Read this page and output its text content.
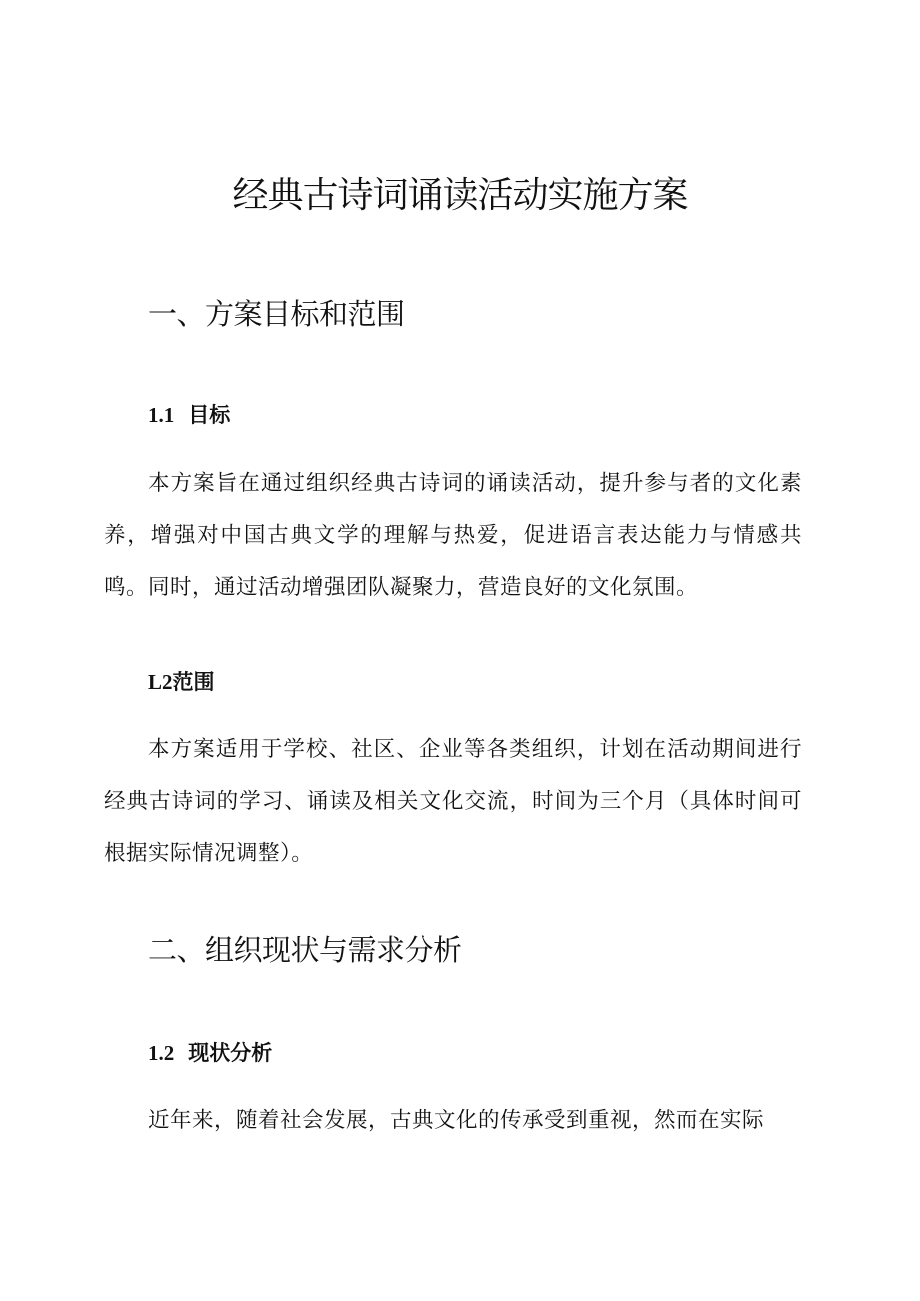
经典古诗词诵读活动实施方案
一、方案目标和范围
1.1 目标

本方案旨在通过组织经典古诗词的诵读活动，提升参与者的文化素养，增强对中国古典文学的理解与热爱，促进语言表达能力与情感共鸣。同时，通过活动增强团队凝聚力，营造良好的文化氛围。

L2范围

本方案适用于学校、社区、企业等各类组织，计划在活动期间进行经典古诗词的学习、诵读及相关文化交流，时间为三个月（具体时间可根据实际情况调整）。

二、组织现状与需求分析
1.2 现状分析

近年来，随着社会发展，古典文化的传承受到重视，然而在实际
